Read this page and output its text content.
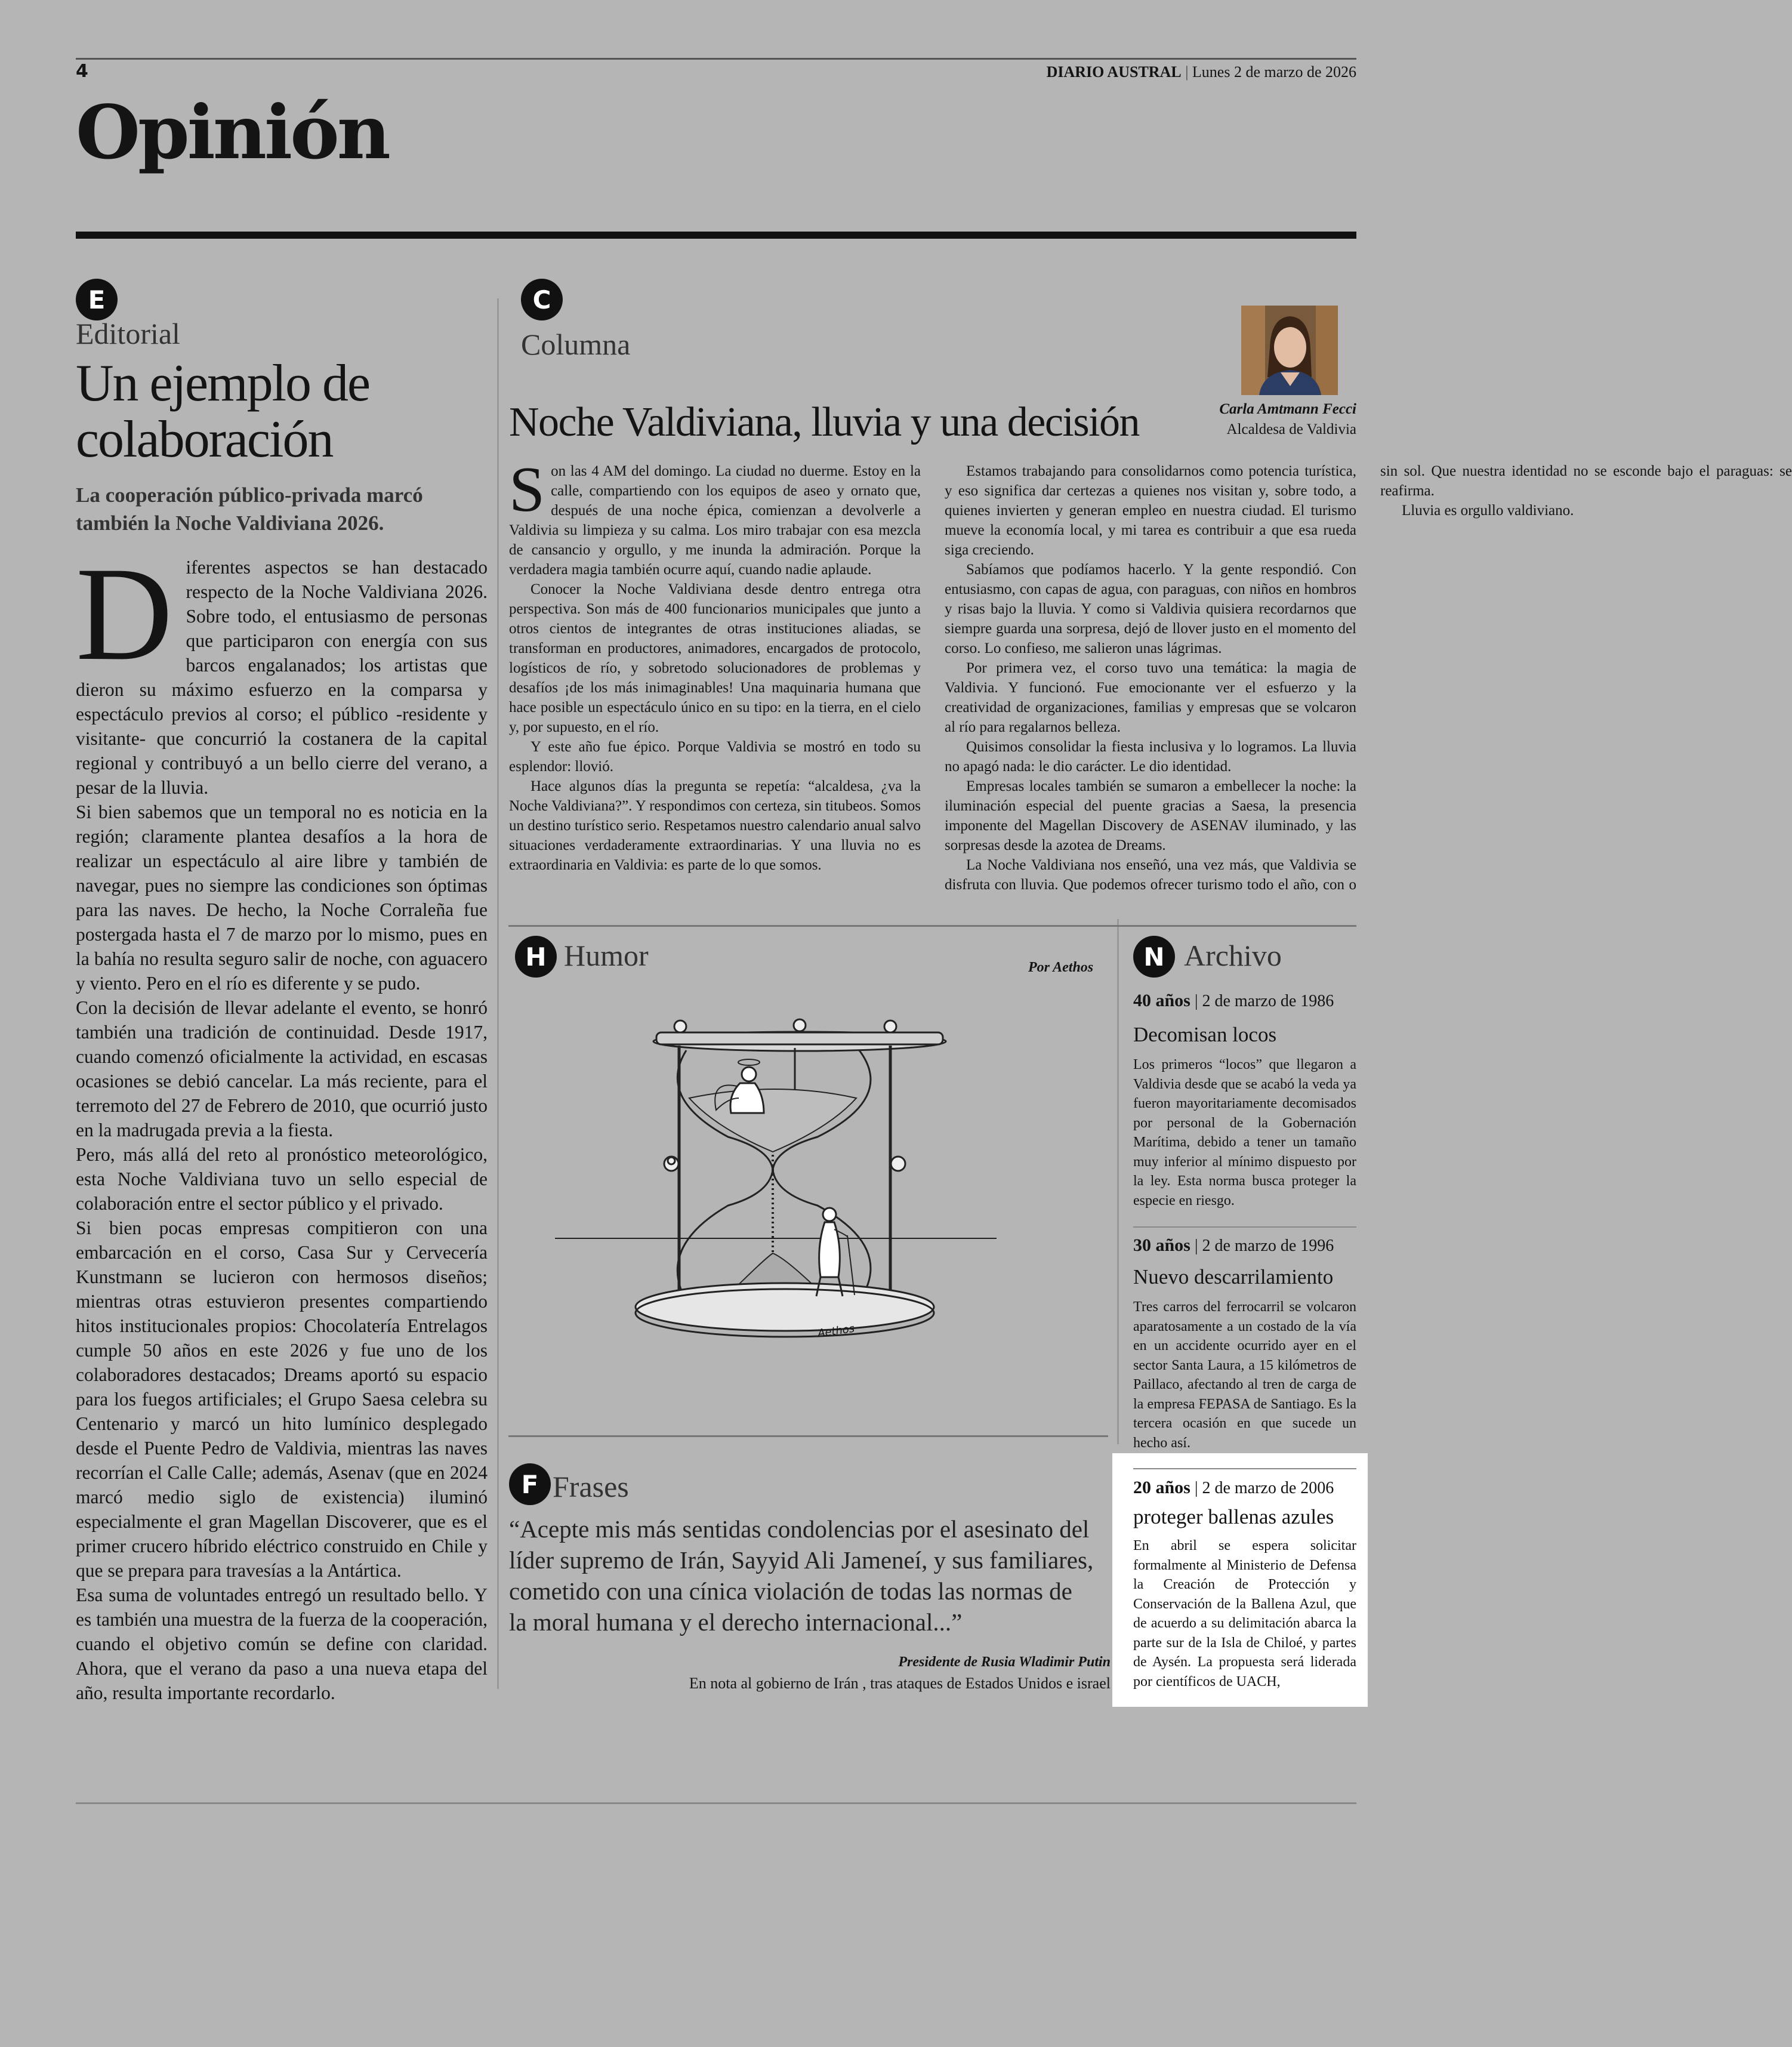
4	DIARIO AUSTRAL | Lunes 2 de marzo de 2026
Opinión
E
Editorial
Un ejemplo de
colaboración
La cooperación público-privada marcó
también la Noche Valdiviana 2026.

Diferentes aspectos se han destacado respecto de la Noche Valdiviana 2026. Sobre todo, el entusiasmo de personas que participaron con energía con sus barcos engalanados; los artistas que dieron su máximo esfuerzo en la comparsa y espectáculo previos al corso; el público -residente y visitante- que concurrió la costanera de la capital regional y contribuyó a un bello cierre del verano, a pesar de la lluvia.

Si bien sabemos que un temporal no es noticia en la región; claramente plantea desafíos a la hora de realizar un espectáculo al aire libre y también de navegar, pues no siempre las condiciones son óptimas para las naves. De hecho, la Noche Corraleña fue postergada hasta el 7 de marzo por lo mismo, pues en la bahía no resulta seguro salir de noche, con aguacero y viento. Pero en el río es diferente y se pudo.

Con la decisión de llevar adelante el evento, se honró también una tradición de continuidad. Desde 1917, cuando comenzó oficialmente la actividad, en escasas ocasiones se debió cancelar. La más reciente, para el terremoto del 27 de Febrero de 2010, que ocurrió justo en la madrugada previa a la fiesta.

Pero, más allá del reto al pronóstico meteorológico, esta Noche Valdiviana tuvo un sello especial de colaboración entre el sector público y el privado.

Si bien pocas empresas compitieron con una embarcación en el corso, Casa Sur y Cervecería Kunstmann se lucieron con hermosos diseños; mientras otras estuvieron presentes compartiendo hitos institucionales propios: Chocolatería Entrelagos cumple 50 años en este 2026 y fue uno de los colaboradores destacados; Dreams aportó su espacio para los fuegos artificiales; el Grupo Saesa celebra su Centenario y marcó un hito lumínico desplegado desde el Puente Pedro de Valdivia, mientras las naves recorrían el Calle Calle; además, Asenav (que en 2024 marcó medio siglo de existencia) iluminó especialmente el gran Magellan Discoverer, que es el primer crucero híbrido eléctrico construido en Chile y que se prepara para travesías a la Antártica.

Esa suma de voluntades entregó un resultado bello. Y es también una muestra de la fuerza de la cooperación, cuando el objetivo común se define con claridad. Ahora, que el verano da paso a una nueva etapa del año, resulta importante recordarlo.

C
Columna
Noche Valdiviana, lluvia y una decisión	Carla Amtmann Fecci
Alcaldesa de Valdivia

Son las 4 AM del domingo. La ciudad no duerme. Estoy en la calle, compartiendo con los equipos de aseo y ornato que, después de una noche épica, comienzan a devolverle a Valdivia su limpieza y su calma. Los miro trabajar con esa mezcla de cansancio y orgullo, y me inunda la admiración. Porque la verdadera magia también ocurre aquí, cuando nadie aplaude.

Conocer la Noche Valdiviana desde dentro entrega otra perspectiva. Son más de 400 funcionarios municipales que junto a otros cientos de integrantes de otras instituciones aliadas, se transforman en productores, animadores, encargados de protocolo, logísticos de río, y sobretodo solucionadores de problemas y desafíos ¡de los más inimaginables! Una maquinaria humana que hace posible un espectáculo único en su tipo: en la tierra, en el cielo y, por supuesto, en el río.

Y este año fue épico. Porque Valdivia se mostró en todo su esplendor: llovió.

Hace algunos días la pregunta se repetía: “alcaldesa, ¿va la Noche Valdiviana?”. Y respondimos con certeza, sin titubeos. Somos un destino turístico serio. Respetamos nuestro calendario anual salvo situaciones verdaderamente extraordinarias. Y una lluvia no es extraordinaria en Valdivia: es parte de lo que somos.

Estamos trabajando para consolidarnos como potencia turística, y eso significa dar certezas a quienes nos visitan y, sobre todo, a quienes invierten y generan empleo en nuestra ciudad. El turismo mueve la economía local, y mi tarea es contribuir a que esa rueda siga creciendo.

Sabíamos que podíamos hacerlo. Y la gente respondió. Con entusiasmo, con capas de agua, con paraguas, con niños en hombros y risas bajo la lluvia. Y como si Valdivia quisiera recordarnos que siempre guarda una sorpresa, dejó de llover justo en el momento del corso. Lo confieso, me salieron unas lágrimas.

Por primera vez, el corso tuvo una temática: la magia de Valdivia. Y funcionó. Fue emocionante ver el esfuerzo y la creatividad de organizaciones, familias y empresas que se volcaron al río para regalarnos belleza.

Quisimos consolidar la fiesta inclusiva y lo logramos. La lluvia no apagó nada: le dio carácter. Le dio identidad.

Empresas locales también se sumaron a embellecer la noche: la iluminación especial del puente gracias a Saesa, la presencia imponente del Magellan Discovery de ASENAV iluminado, y las sorpresas desde la azotea de Dreams.

La Noche Valdiviana nos enseñó, una vez más, que Valdivia se disfruta con lluvia. Que podemos ofrecer turismo todo el año, con o sin sol. Que nuestra identidad no se esconde bajo el paraguas: se reafirma.

Lluvia es orgullo valdiviano.

H Humor	Por Aethos
Aethos
F Frases
“Acepte mis más sentidas condolencias por el asesinato del
líder supremo de Irán, Sayyid Ali Jameneí, y sus familiares,
cometido con una cínica violación de todas las normas de
la moral humana y el derecho internacional...”
Presidente de Rusia Wladimir Putin
En nota al gobierno de Irán , tras ataques de Estados Unidos e israel
N Archivo
40 años | 2 de marzo de 1986
Decomisan locos

Los primeros “locos” que llegaron a Valdivia desde que se acabó la veda ya fueron mayoritariamente decomisados por personal de la Gobernación Marítima, debido a tener un tamaño muy inferior al mínimo dispuesto por la ley. Esta norma busca proteger la especie en riesgo.

30 años | 2 de marzo de 1996
Nuevo descarrilamiento

Tres carros del ferrocarril se volcaron aparatosamente a un costado de la vía en un accidente ocurrido ayer en el sector Santa Laura, a 15 kilómetros de Paillaco, afectando al tren de carga de la empresa FEPASA de Santiago. Es la tercera ocasión en que sucede un hecho así.

20 años | 2 de marzo de 2006
proteger ballenas azules

En abril se espera solicitar formalmente al Ministerio de Defensa la Creación de Protección y Conservación de la Ballena Azul, que de acuerdo a su delimitación abarca la parte sur de la Isla de Chiloé, y partes de Aysén. La propuesta será liderada por científicos de UACH,
